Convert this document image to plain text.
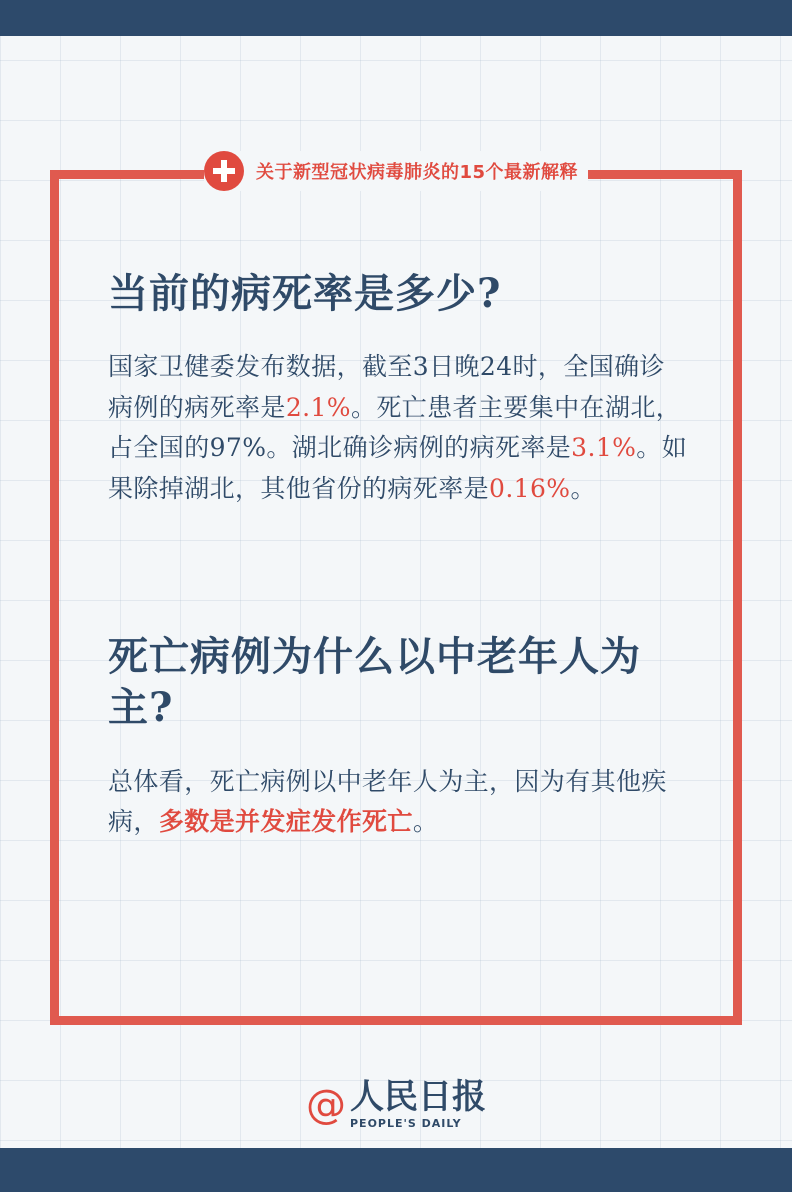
关于新型冠状病毒肺炎的15个最新解释
当前的病死率是多少?

国家卫健委发布数据，截至3日晚24时，全国确诊病例的病死率是2.1%。死亡患者主要集中在湖北，占全国的97%。湖北确诊病例的病死率是3.1%。如果除掉湖北，其他省份的病死率是0.16%。

死亡病例为什么以中老年人为主?

总体看，死亡病例以中老年人为主，因为有其他疾病，多数是并发症发作死亡。

@ 人民日报
PEOPLE'S DAILY
